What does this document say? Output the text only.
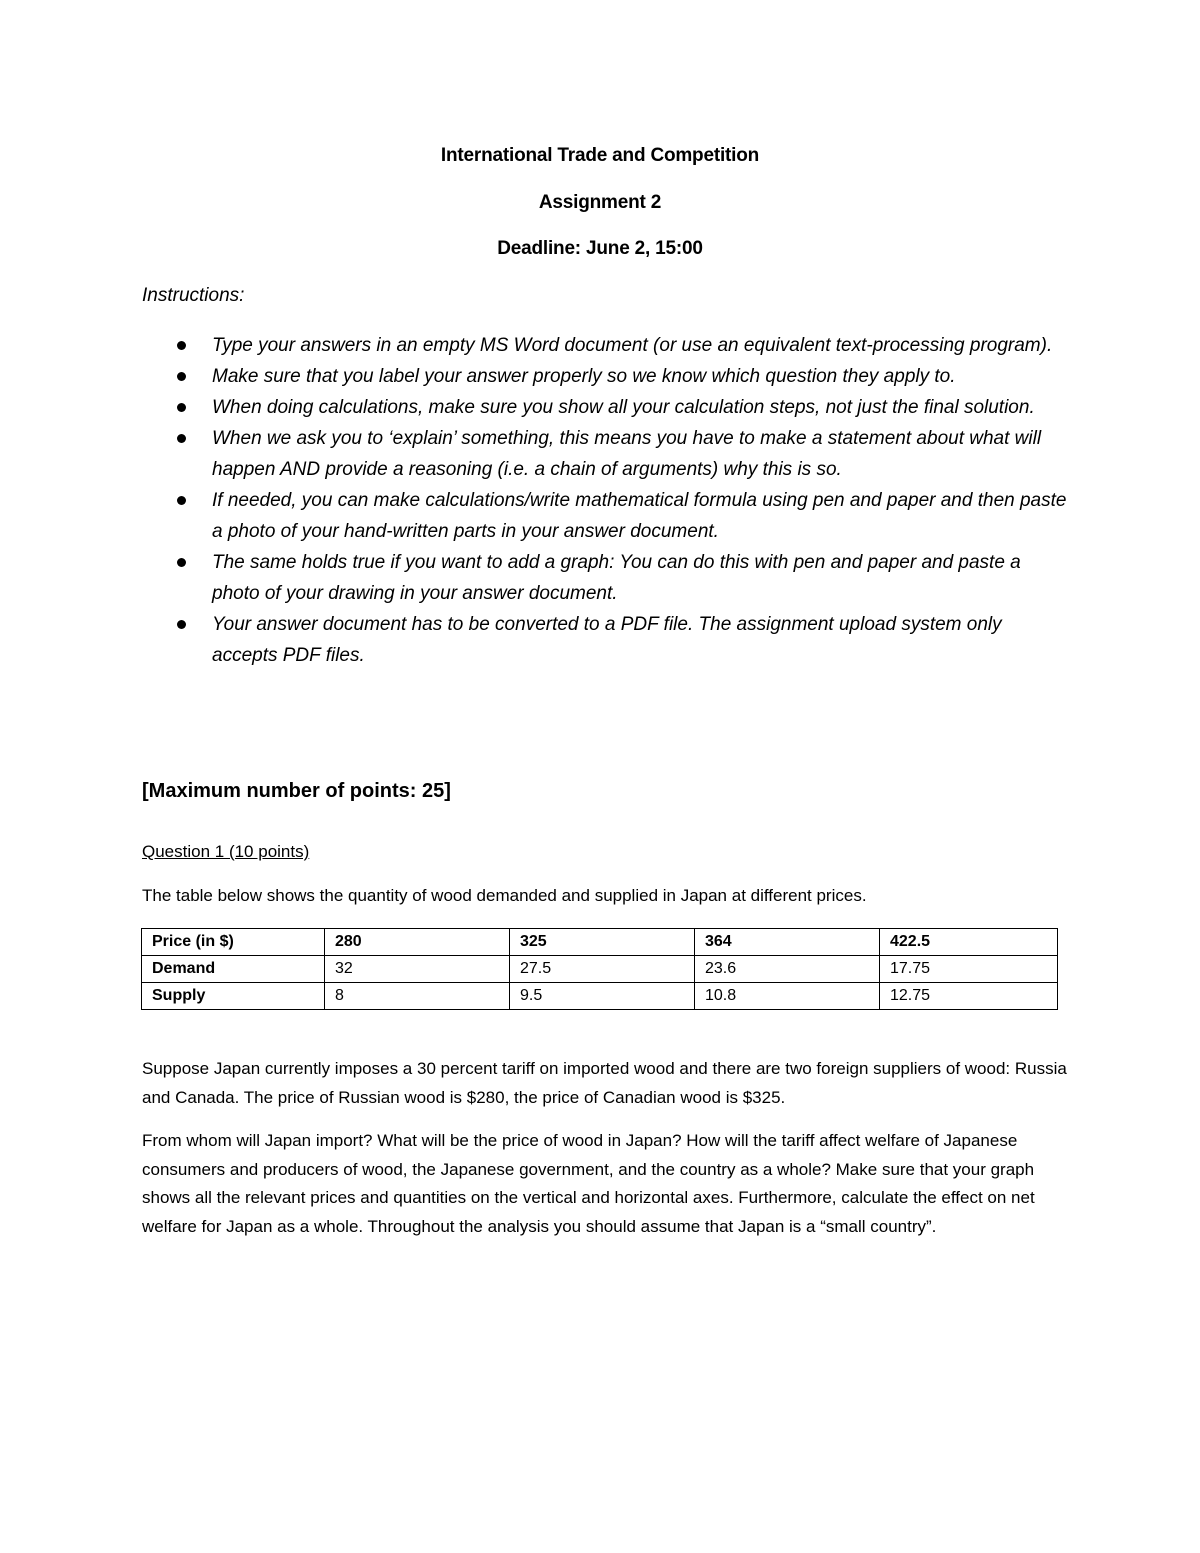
International Trade and Competition
Assignment 2
Deadline: June 2, 15:00
Instructions:
Type your answers in an empty MS Word document (or use an equivalent text-processing program).
Make sure that you label your answer properly so we know which question they apply to.
When doing calculations, make sure you show all your calculation steps, not just the final solution.
When we ask you to ‘explain’ something, this means you have to make a statement about what will happen AND provide a reasoning (i.e. a chain of arguments) why this is so.
If needed, you can make calculations/write mathematical formula using pen and paper and then paste a photo of your hand-written parts in your answer document.
The same holds true if you want to add a graph: You can do this with pen and paper and paste a photo of your drawing in your answer document.
Your answer document has to be converted to a PDF file. The assignment upload system only accepts PDF files.
[Maximum number of points: 25]
Question 1 (10 points)
The table below shows the quantity of wood demanded and supplied in Japan at different prices.
Price (in $)	280	325	364	422.5
Demand	32	27.5	23.6	17.75
Supply	8	9.5	10.8	12.75
Suppose Japan currently imposes a 30 percent tariff on imported wood and there are two foreign suppliers of wood: Russia and Canada. The price of Russian wood is $280, the price of Canadian wood is $325.
From whom will Japan import? What will be the price of wood in Japan? How will the tariff affect welfare of Japanese consumers and producers of wood, the Japanese government, and the country as a whole? Make sure that your graph shows all the relevant prices and quantities on the vertical and horizontal axes. Furthermore, calculate the effect on net welfare for Japan as a whole. Throughout the analysis you should assume that Japan is a “small country”.
